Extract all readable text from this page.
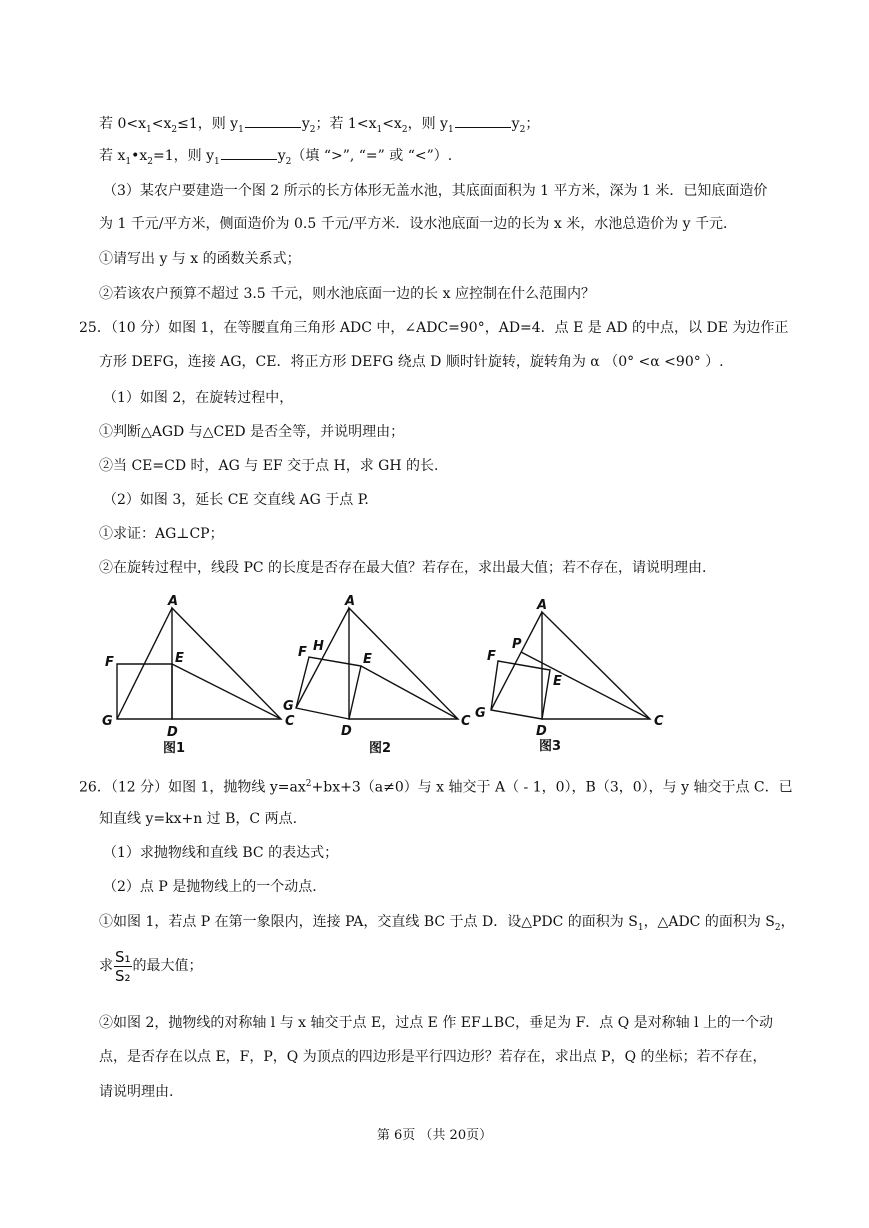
若 $0<x_1<x_2\le 1$，则 $y_1$	$y_2$；若 $1<x_1<x_2$，则 $y_1$	$y_2$；
若 $x_1•x_2=1$，则 $y_1$	$y_2$（填 “>”, “=” 或 “<”）.
（3）某农户要建造一个图 2 所示的长方体形无盖水池，其底面面积为 1 平方米，深为 1 米．已知底面造价
为 1 千元/平方米，侧面造价为 0.5 千元/平方米．设水池底面一边的长为 x 米，水池总造价为 y 千元．
①请写出 y 与 x 的函数关系式；
②若该农户预算不超过 3.5 千元，则水池底面一边的长 x 应控制在什么范围内？
25．（10 分）如图 1，在等腰直角三角形 ADC 中，∠ADC=90°，AD=4．点 E 是 AD 的中点，以 DE 为边作正
方形 DEFG，连接 AG，CE．将正方形 DEFG 绕点 D 顺时针旋转，旋转角为 α （0° <α <90° ）.
（1）如图 2，在旋转过程中，
①判断△AGD 与△CED 是否全等，并说明理由；
②当 CE=CD 时，AG 与 EF 交于点 H，求 GH 的长.
（2）如图 3，延长 CE 交直线 AG 于点 P.
①求证：AG⊥CP；
②在旋转过程中，线段 PC 的长度是否存在最大值？若存在，求出最大值；若不存在，请说明理由.
A
F	E
G
D
C
A
H
F	E
G
D
C
A
P
F
E
G
D
C
图1	图2	图3
26．（12 分）如图 1，抛物线 $y=ax^2+bx+3(a\ne 0)$与 x 轴交于 A（ - 1，0），B（3，0），与 y 轴交于点 C．已
知直线 y=kx+n 过 B，C 两点.
（1）求抛物线和直线 BC 的表达式；
（2）点 P 是抛物线上的一个动点.
①如图 1，若点 P 在第一象限内，连接 PA，交直线 BC 于点 D．设△PDC 的面积为 $S_1$，△ADC 的面积为 $S_2$，
求 $\frac{\text{S₁}}{\text{S₂}}$ 的最大值；
②如图 2，抛物线的对称轴 l 与 x 轴交于点 E，过点 E 作 EF⊥BC，垂足为 F．点 Q 是对称轴 l 上的一个动
点，是否存在以点 E，F，P，Q 为顶点的四边形是平行四边形？若存在，求出点 P，Q 的坐标；若不存在，
请说明理由.
第 6页 （共 20页）
